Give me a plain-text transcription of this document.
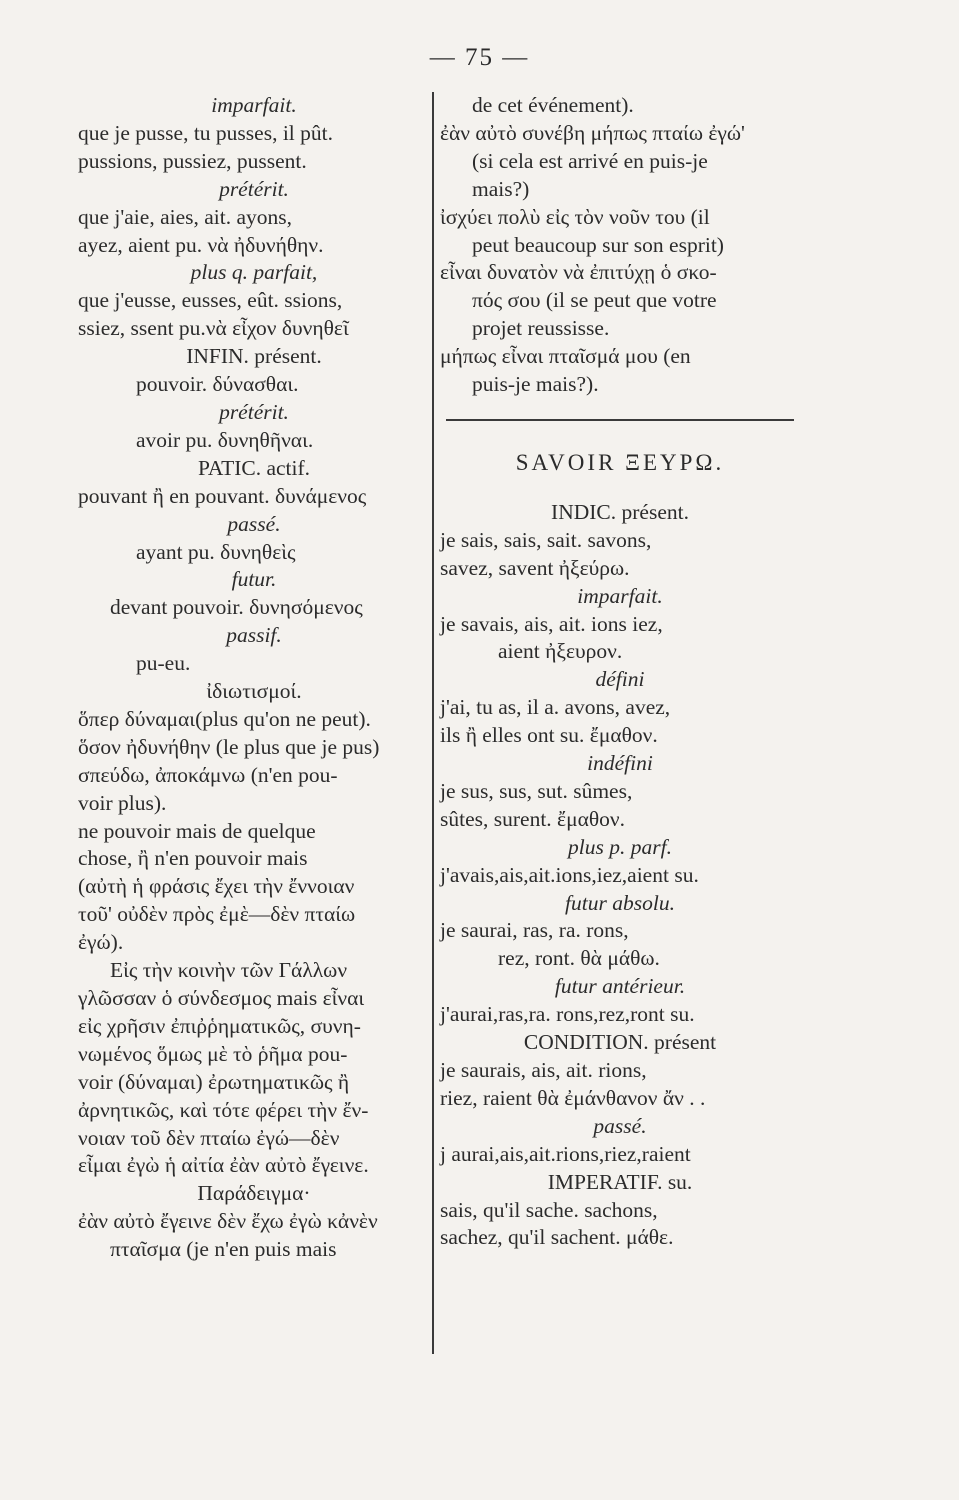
— 75 —
imparfait.
que je pusse, tu pusses, il pût.
pussions, pussiez, pussent.
prétérit.
que j'aie, aies, ait. ayons,
ayez, aient pu. νὰ ἠδυνήθην.
plus q. parfait,
que j'eusse, eusses, eût. ssions,
ssiez, ssent pu.νὰ εἶχον δυνηθεῖ
INFIN. présent.
pouvoir. δύνασθαι.
prétérit.
avoir pu. δυνηθῆναι.
PATIC. actif.
pouvant ἢ en pouvant. δυνάμενος
passé.
ayant pu. δυνηθεὶς
futur.
devant pouvoir. δυνησόμενος
passif.
pu-eu.
ἰδιωτισμοί.
ὅπερ δύναμαι(plus qu'on ne peut).
ὅσον ἠδυνήθην (le plus que je pus)
σπεύδω, ἀποκάμνω (n'en pou-
voir plus).
ne pouvoir mais de quelque
chose, ἢ n'en pouvoir mais
(αὐτὴ ἡ φράσις ἔχει τὴν ἔννοιαν
τοῦ' οὐδὲν πρὸς ἐμὲ—δὲν πταίω
ἐγώ).
Εἰς τὴν κοινὴν τῶν Γάλλων
γλῶσσαν ὁ σύνδεσμος mais εἶναι
εἰς χρῆσιν ἐπιῤῥηματικῶς, συνη-
νωμένος ὅμως μὲ τὸ ῥῆμα pou-
voir (δύναμαι) ἐρωτηματικῶς ἢ
ἀρνητικῶς, καὶ τότε φέρει τὴν ἔν-
νοιαν τοῦ δὲν πταίω ἐγώ—δὲν
εἶμαι ἐγὼ ἡ αἰτία ἐὰν αὐτὸ ἔγεινε.
Παράδειγμα·
ἐὰν αὐτὸ ἔγεινε δὲν ἔχω ἐγὼ κἀνὲν
πταῖσμα (je n'en puis mais
de cet événement).
ἐὰν αὐτὸ συνέβη μήπως πταίω ἐγώ'
(si cela est arrivé en puis-je
mais?)
ἰσχύει πολὺ εἰς τὸν νοῦν του (il
peut beaucoup sur son esprit)
εἶναι δυνατὸν νὰ ἐπιτύχῃ ὁ σκο-
πός σου (il se peut que votre
projet reussisse.
μήπως εἶναι πταῖσμά μου (en
puis-je mais?).
SAVOIR ΞΕΥΡΩ.
INDIC. présent.
je sais, sais, sait. savons,
savez, savent ἠξεύρω.
imparfait.
je savais, ais, ait. ions iez,
aient ἠξευρον.
défini
j'ai, tu as, il a. avons, avez,
ils ἢ elles ont su. ἔμαθον.
indéfini
je sus, sus, sut. sûmes,
sûtes, surent. ἔμαθον.
plus p. parf.
j'avais,ais,ait.ions,iez,aient su.
futur absolu.
je saurai, ras, ra. rons,
rez, ront. θὰ μάθω.
futur antérieur.
j'aurai,ras,ra. rons,rez,ront su.
CONDITION. présent
je saurais, ais, ait. rions,
riez, raient θὰ ἐμάνθανον ἄν . .
passé.
j aurai,ais,ait.rions,riez,raient
IMPERATIF. su.
sais, qu'il sache. sachons,
sachez, qu'il sachent. μάθε.
